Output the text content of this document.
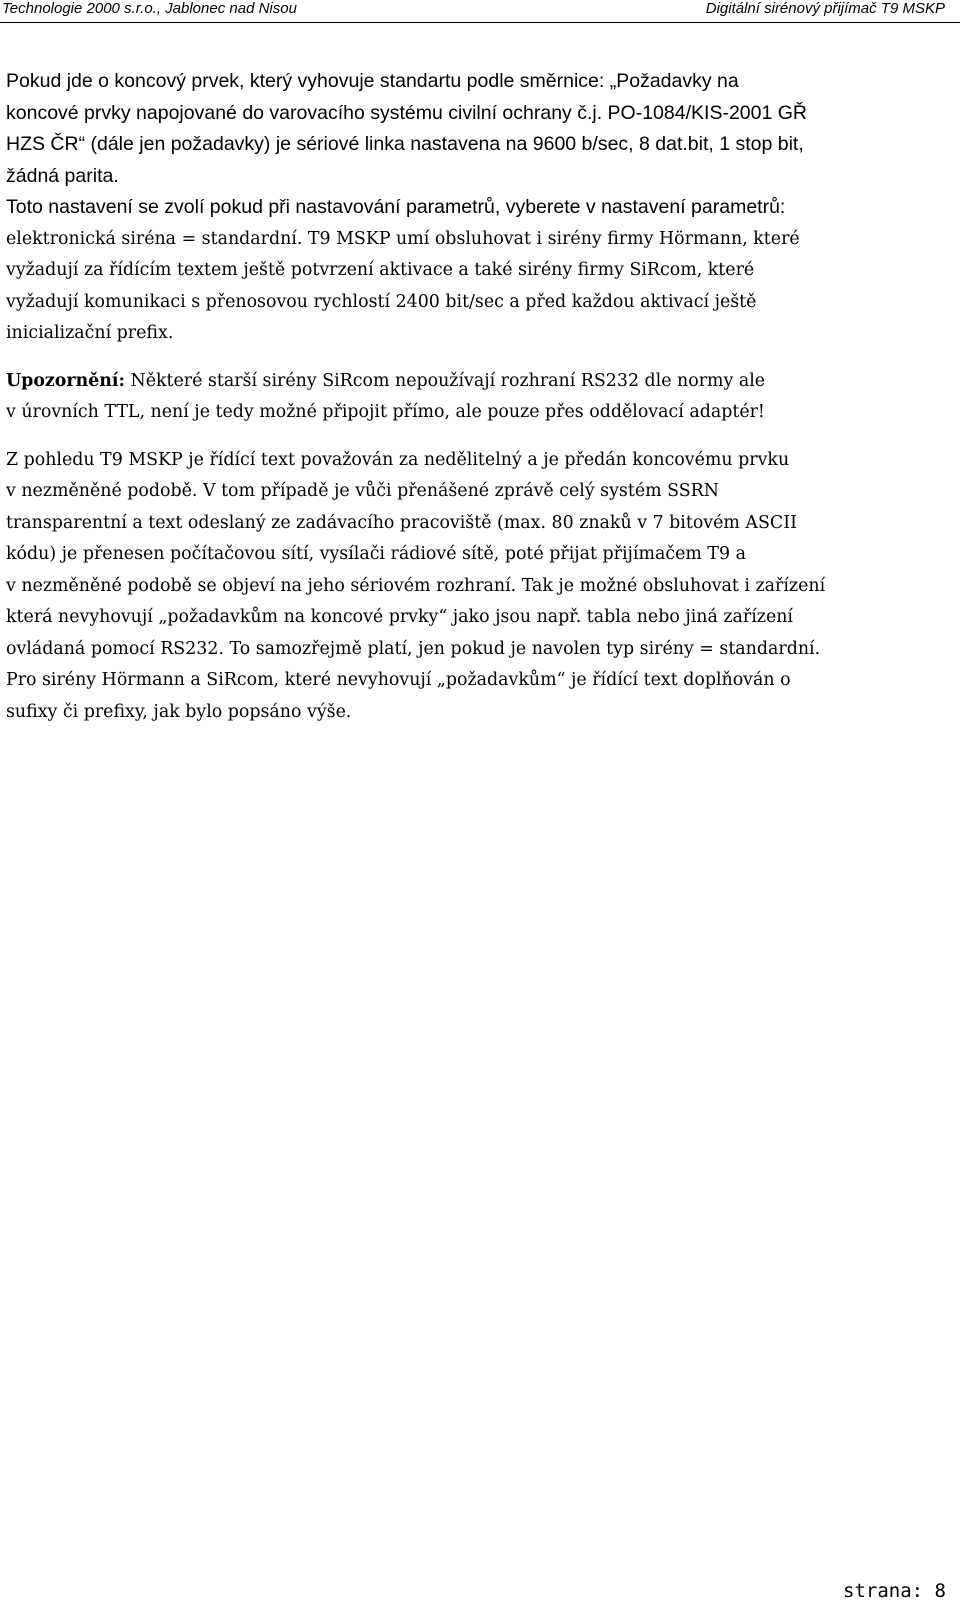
Technologie 2000 s.r.o., Jablonec nad Nisou	Digitální sirénový přijímač T9 MSKP

Pokud jde o koncový prvek, který vyhovuje standartu podle směrnice: „Požadavky na

koncové prvky napojované do varovacího systému civilní ochrany č.j. PO-1084/KIS-2001 GŘ

HZS ČR“ (dále jen požadavky) je sériové linka nastavena na 9600 b/sec, 8 dat.bit, 1 stop bit,

žádná parita.

Toto nastavení se zvolí pokud při nastavování parametrů, vyberete v nastavení parametrů:

elektronická siréna = standardní. T9 MSKP umí obsluhovat i sirény firmy Hörmann, které

vyžadují za řídícím textem ještě potvrzení aktivace a také sirény firmy SiRcom, které

vyžadují komunikaci s přenosovou rychlostí 2400 bit/sec a před každou aktivací ještě

inicializační prefix.

Upozornění: Některé starší sirény SiRcom nepoužívají rozhraní RS232 dle normy ale

v úrovních TTL, není je tedy možné připojit přímo, ale pouze přes oddělovací adaptér!

Z pohledu T9 MSKP je řídící text považován za nedělitelný a je předán koncovému prvku

v nezměněné podobě. V tom případě je vůči přenášené zprávě celý systém SSRN

transparentní a text odeslaný ze zadávacího pracoviště (max. 80 znaků v 7 bitovém ASCII

kódu) je přenesen počítačovou sítí, vysílači rádiové sítě, poté přijat přijímačem T9 a

v nezměněné podobě se objeví na jeho sériovém rozhraní. Tak je možné obsluhovat i zařízení

která nevyhovují „požadavkům na koncové prvky“ jako jsou např. tabla nebo jiná zařízení

ovládaná pomocí RS232. To samozřejmě platí, jen pokud je navolen typ sirény = standardní.

Pro sirény Hörmann a SiRcom, které nevyhovují „požadavkům“ je řídící text doplňován o

sufixy či prefixy, jak bylo popsáno výše.

strana: 8
